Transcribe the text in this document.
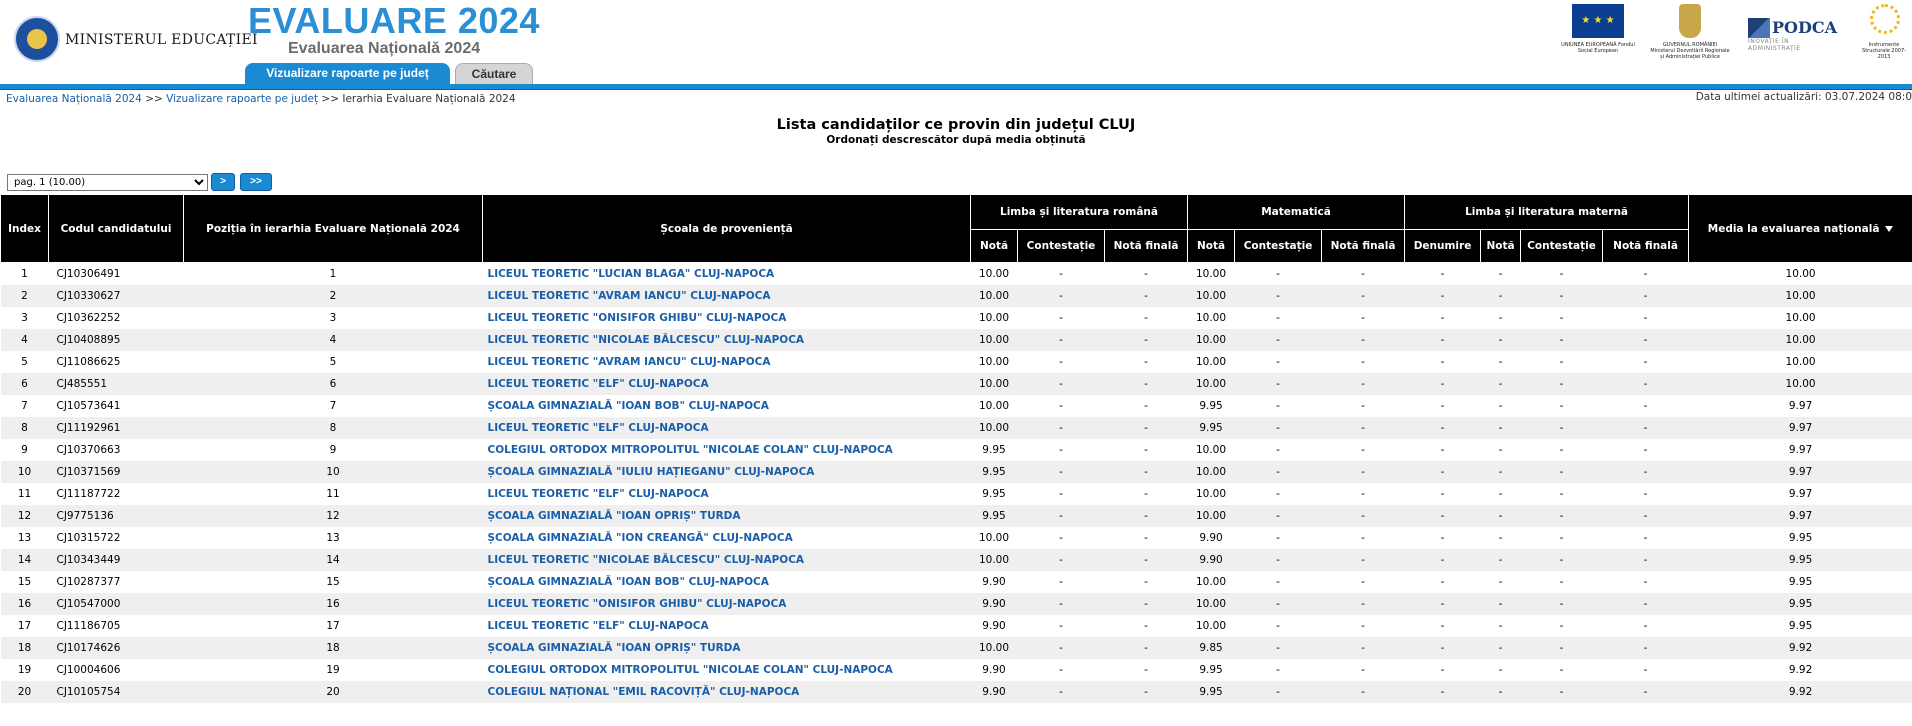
MINISTERUL EDUCAȚIEI
EVALUARE 2024
Evaluarea Națională 2024
Vizualizare rapoarte pe județ	Căutare
★ ★ ★
UNIUNEA EUROPEANĂ Fondul Social European
GUVERNUL ROMÂNIEI Ministerul Dezvoltării Regionale și Administrației Publice
PODCA
INOVAȚIE ÎN ADMINISTRAȚIE	Instrumente Structurale 2007-2013
Evaluarea Națională 2024 >> Vizualizare rapoarte pe județ >> Ierarhia Evaluare Națională 2024	Data ultimei actualizări: 03.07.2024 08:0
Lista candidaților ce provin din județul CLUJ
Ordonați descrescător după media obținută
pag. 1 (10.00)
>	>>
Index	Codul candidatului	Poziția în ierarhia Evaluare Națională 2024	Școala de proveniență	Limba și literatura română			Matematică			Limba și literatura maternă				Media la evaluarea națională
				Notă	Contestație	Notă finală	Notă	Contestație	Notă finală	Denumire	Notă	Contestație	Notă finală	
1	CJ10306491	1	LICEUL TEORETIC "LUCIAN BLAGA" CLUJ-NAPOCA	10.00	-	-	10.00	-	-	-	-	-	-	10.00
2	CJ10330627	2	LICEUL TEORETIC "AVRAM IANCU" CLUJ-NAPOCA	10.00	-	-	10.00	-	-	-	-	-	-	10.00
3	CJ10362252	3	LICEUL TEORETIC "ONISIFOR GHIBU" CLUJ-NAPOCA	10.00	-	-	10.00	-	-	-	-	-	-	10.00
4	CJ10408895	4	LICEUL TEORETIC "NICOLAE BĂLCESCU" CLUJ-NAPOCA	10.00	-	-	10.00	-	-	-	-	-	-	10.00
5	CJ11086625	5	LICEUL TEORETIC "AVRAM IANCU" CLUJ-NAPOCA	10.00	-	-	10.00	-	-	-	-	-	-	10.00
6	CJ485551	6	LICEUL TEORETIC "ELF" CLUJ-NAPOCA	10.00	-	-	10.00	-	-	-	-	-	-	10.00
7	CJ10573641	7	ȘCOALA GIMNAZIALĂ "IOAN BOB" CLUJ-NAPOCA	10.00	-	-	9.95	-	-	-	-	-	-	9.97
8	CJ11192961	8	LICEUL TEORETIC "ELF" CLUJ-NAPOCA	10.00	-	-	9.95	-	-	-	-	-	-	9.97
9	CJ10370663	9	COLEGIUL ORTODOX MITROPOLITUL "NICOLAE COLAN" CLUJ-NAPOCA	9.95	-	-	10.00	-	-	-	-	-	-	9.97
10	CJ10371569	10	ȘCOALA GIMNAZIALĂ "IULIU HAȚIEGANU" CLUJ-NAPOCA	9.95	-	-	10.00	-	-	-	-	-	-	9.97
11	CJ11187722	11	LICEUL TEORETIC "ELF" CLUJ-NAPOCA	9.95	-	-	10.00	-	-	-	-	-	-	9.97
12	CJ9775136	12	ȘCOALA GIMNAZIALĂ "IOAN OPRIȘ" TURDA	9.95	-	-	10.00	-	-	-	-	-	-	9.97
13	CJ10315722	13	ȘCOALA GIMNAZIALĂ "ION CREANGĂ" CLUJ-NAPOCA	10.00	-	-	9.90	-	-	-	-	-	-	9.95
14	CJ10343449	14	LICEUL TEORETIC "NICOLAE BĂLCESCU" CLUJ-NAPOCA	10.00	-	-	9.90	-	-	-	-	-	-	9.95
15	CJ10287377	15	ȘCOALA GIMNAZIALĂ "IOAN BOB" CLUJ-NAPOCA	9.90	-	-	10.00	-	-	-	-	-	-	9.95
16	CJ10547000	16	LICEUL TEORETIC "ONISIFOR GHIBU" CLUJ-NAPOCA	9.90	-	-	10.00	-	-	-	-	-	-	9.95
17	CJ11186705	17	LICEUL TEORETIC "ELF" CLUJ-NAPOCA	9.90	-	-	10.00	-	-	-	-	-	-	9.95
18	CJ10174626	18	ȘCOALA GIMNAZIALĂ "IOAN OPRIȘ" TURDA	10.00	-	-	9.85	-	-	-	-	-	-	9.92
19	CJ10004606	19	COLEGIUL ORTODOX MITROPOLITUL "NICOLAE COLAN" CLUJ-NAPOCA	9.90	-	-	9.95	-	-	-	-	-	-	9.92
20	CJ10105754	20	COLEGIUL NAȚIONAL "EMIL RACOVIȚĂ" CLUJ-NAPOCA	9.90	-	-	9.95	-	-	-	-	-	-	9.92
